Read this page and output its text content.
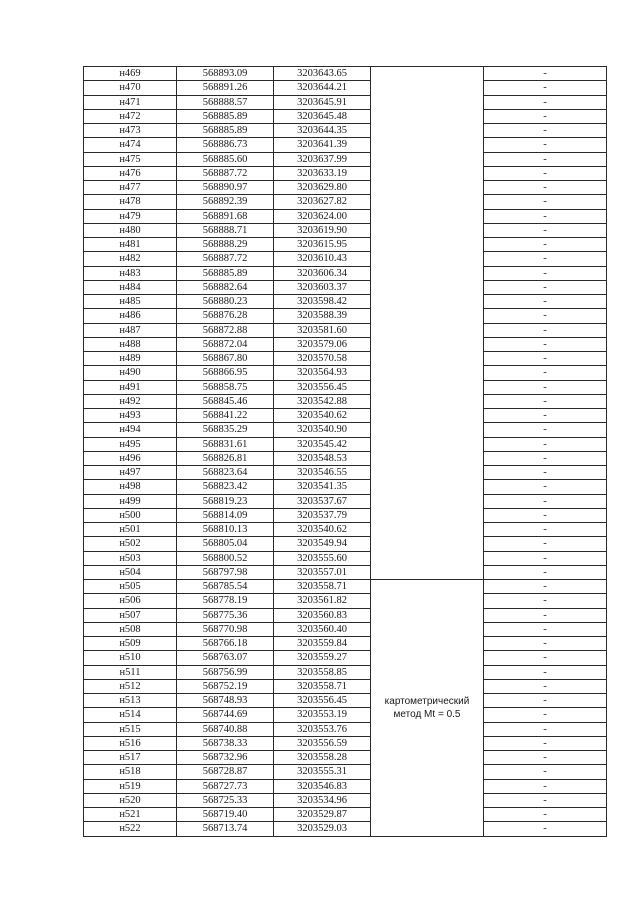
н469	568893.09	3203643.65		-
н470	568891.26	3203644.21		-
н471	568888.57	3203645.91		-
н472	568885.89	3203645.48		-
н473	568885.89	3203644.35		-
н474	568886.73	3203641.39		-
н475	568885.60	3203637.99		-
н476	568887.72	3203633.19		-
н477	568890.97	3203629.80		-
н478	568892.39	3203627.82		-
н479	568891.68	3203624.00		-
н480	568888.71	3203619.90		-
н481	568888.29	3203615.95		-
н482	568887.72	3203610.43		-
н483	568885.89	3203606.34		-
н484	568882.64	3203603.37		-
н485	568880.23	3203598.42		-
н486	568876.28	3203588.39		-
н487	568872.88	3203581.60		-
н488	568872.04	3203579.06		-
н489	568867.80	3203570.58		-
н490	568866.95	3203564.93		-
н491	568858.75	3203556.45		-
н492	568845.46	3203542.88		-
н493	568841.22	3203540.62		-
н494	568835.29	3203540.90		-
н495	568831.61	3203545.42		-
н496	568826.81	3203548.53		-
н497	568823.64	3203546.55		-
н498	568823.42	3203541.35		-
н499	568819.23	3203537.67		-
н500	568814.09	3203537.79		-
н501	568810.13	3203540.62		-
н502	568805.04	3203549.94		-
н503	568800.52	3203555.60		-
н504	568797.98	3203557.01		-
н505	568785.54	3203558.71	картометрический
метод Mt = 0.5	-
н506	568778.19	3203561.82		-
н507	568775.36	3203560.83		-
н508	568770.98	3203560.40		-
н509	568766.18	3203559.84		-
н510	568763.07	3203559.27		-
н511	568756.99	3203558.85		-
н512	568752.19	3203558.71		-
н513	568748.93	3203556.45		-
н514	568744.69	3203553.19		-
н515	568740.88	3203553.76		-
н516	568738.33	3203556.59		-
н517	568732.96	3203558.28		-
н518	568728.87	3203555.31		-
н519	568727.73	3203546.83		-
н520	568725.33	3203534.96		-
н521	568719.40	3203529.87		-
н522	568713.74	3203529.03		-
